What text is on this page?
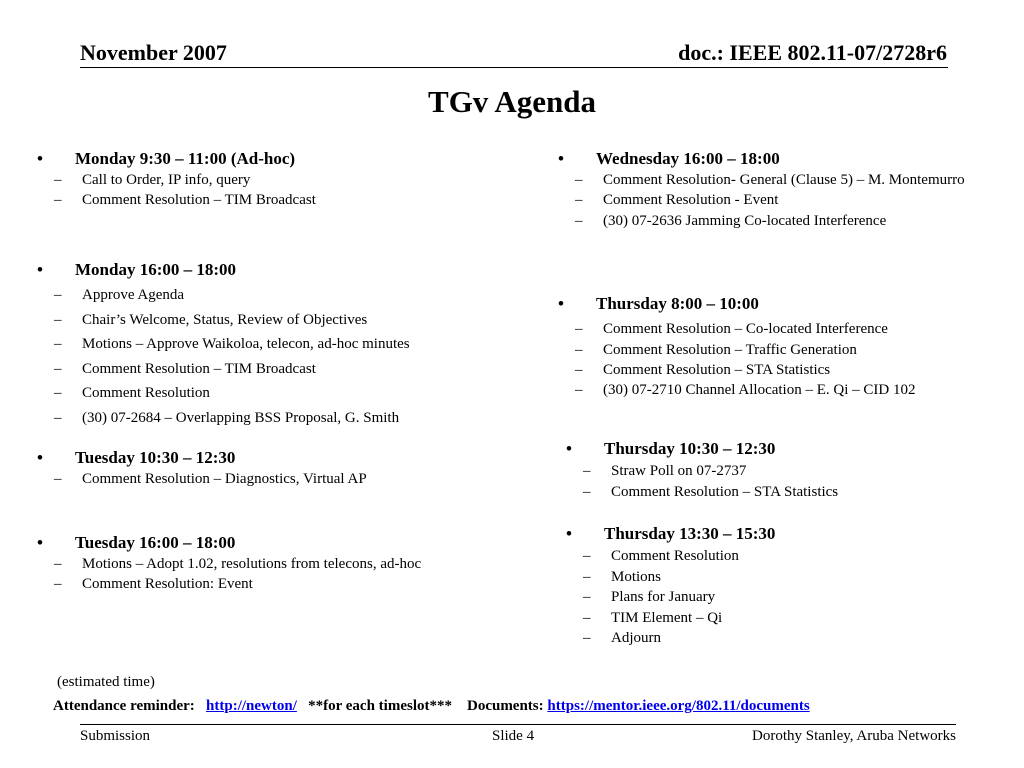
November 2007	doc.: IEEE 802.11-07/2728r6
TGv Agenda
• Monday 9:30 – 11:00 (Ad-hoc)
– Call to Order, IP info, query
– Comment Resolution – TIM Broadcast
• Monday 16:00 – 18:00
– Approve Agenda
– Chair’s Welcome, Status, Review of Objectives
– Motions – Approve Waikoloa, telecon, ad-hoc minutes
– Comment Resolution – TIM Broadcast
– Comment Resolution
– (30) 07-2684 – Overlapping BSS Proposal, G. Smith
• Tuesday 10:30 – 12:30
– Comment Resolution – Diagnostics, Virtual AP
• Tuesday 16:00 – 18:00
– Motions – Adopt 1.02, resolutions from telecons, ad-hoc
– Comment Resolution: Event
• Wednesday 16:00 – 18:00
– Comment Resolution- General (Clause 5) – M. Montemurro
– Comment Resolution - Event
– (30) 07-2636 Jamming Co-located Interference
• Thursday 8:00 – 10:00
– Comment Resolution – Co-located Interference
– Comment Resolution – Traffic Generation
– Comment Resolution – STA Statistics
– (30) 07-2710 Channel Allocation – E. Qi – CID 102
• Thursday 10:30 – 12:30
– Straw Poll on 07-2737
– Comment Resolution – STA Statistics
• Thursday 13:30 – 15:30
– Comment Resolution
– Motions
– Plans for January
– TIM Element – Qi
– Adjourn
(estimated time)
Attendance reminder: http://newton/ **for each timeslot*** Documents: https://mentor.ieee.org/802.11/documents
Submission	Slide 4	Dorothy Stanley, Aruba Networks
